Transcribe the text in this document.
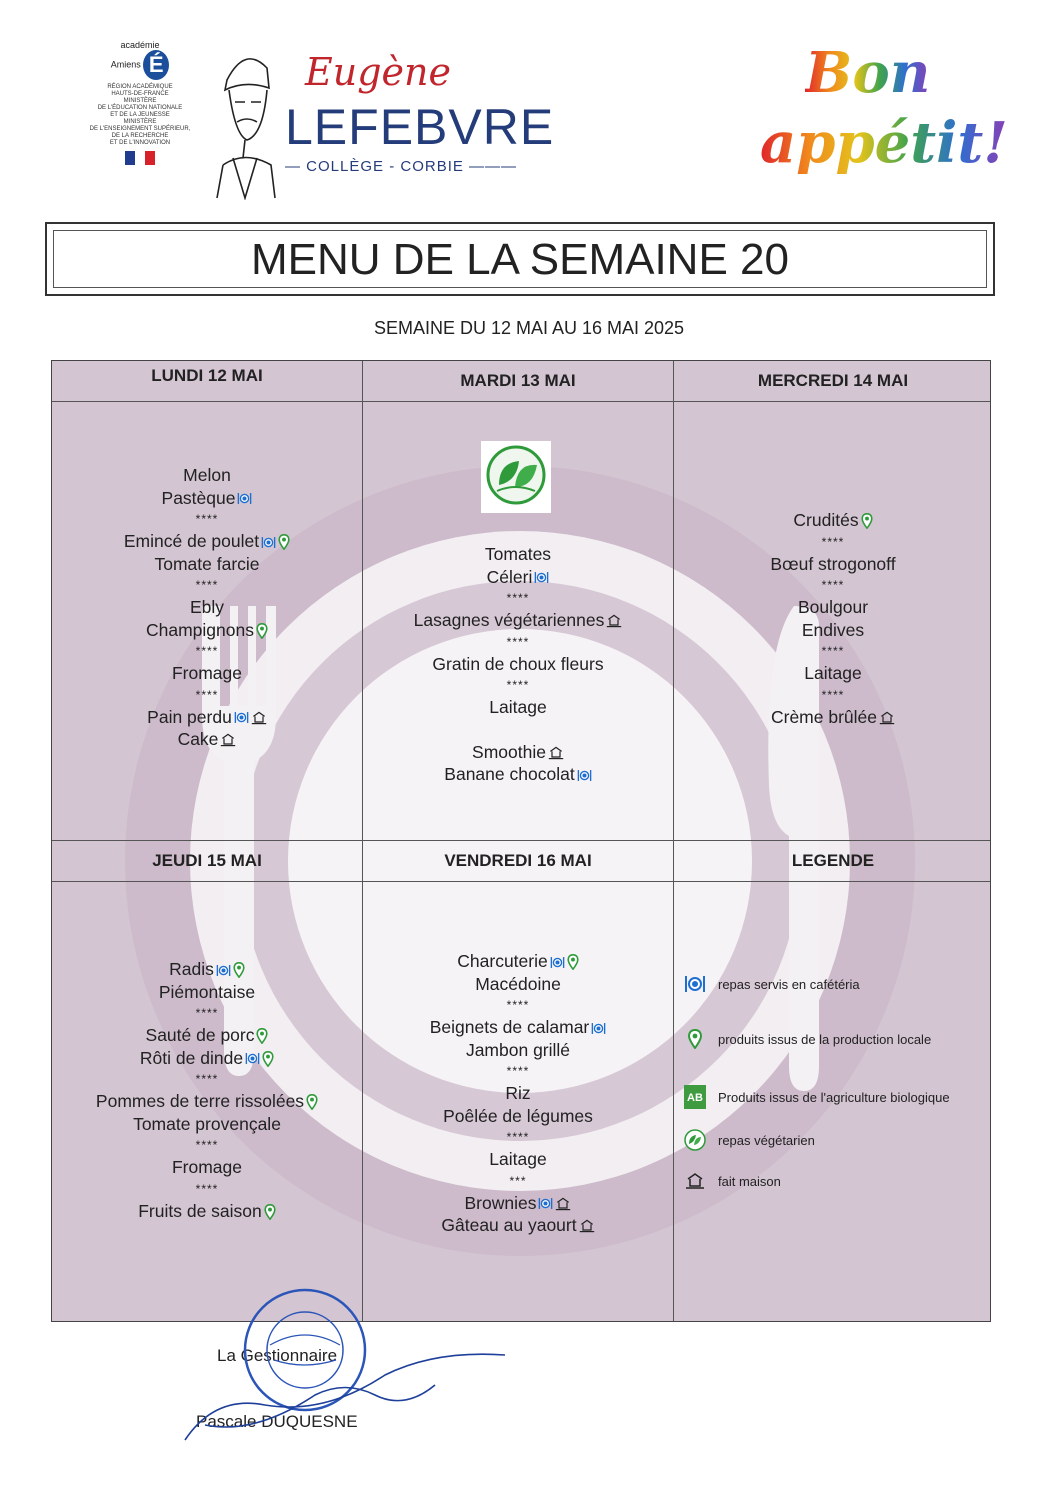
académie
Amiens É
RÉGION ACADÉMIQUE
HAUTS-DE-FRANCE
MINISTÈRE
DE L'ÉDUCATION NATIONALE
ET DE LA JEUNESSE
MINISTÈRE
DE L'ENSEIGNEMENT SUPÉRIEUR,
DE LA RECHERCHE
ET DE L'INNOVATION
Eugène
LEFEBVRE
— COLLÈGE - CORBIE ———
Bon
appétit!
MENU DE LA SEMAINE 20
SEMAINE DU 12 MAI AU 16 MAI 2025
LUNDI 12 MAI
Melon
Pastèque
****
Emincé de poulet
Tomate farcie
****
Ebly
Champignons
****
Fromage
****
Pain perdu
Cake
MARDI 13 MAI
Tomates
Céleri
****
Lasagnes végétariennes
****
Gratin de choux fleurs
****
Laitage
Smoothie
Banane chocolat
MERCREDI 14 MAI
Crudités
****
Bœuf strogonoff
****
Boulgour
Endives
****
Laitage
****
Crème brûlée
JEUDI 15 MAI
Radis
Piémontaise
****
Sauté de porc
Rôti de dinde
****
Pommes de terre rissolées
Tomate provençale
****
Fromage
****
Fruits de saison
VENDREDI 16 MAI
Charcuterie
Macédoine
****
Beignets de calamar
Jambon grillé
****
Riz
Poêlée de légumes
****
Laitage
***
Brownies
Gâteau au yaourt
LEGENDE
repas servis en cafétéria
produits issus de la production locale
AB Produits issus de l'agriculture biologique
repas végétarien
fait maison
La Gestionnaire
Pascale DUQUESNE
